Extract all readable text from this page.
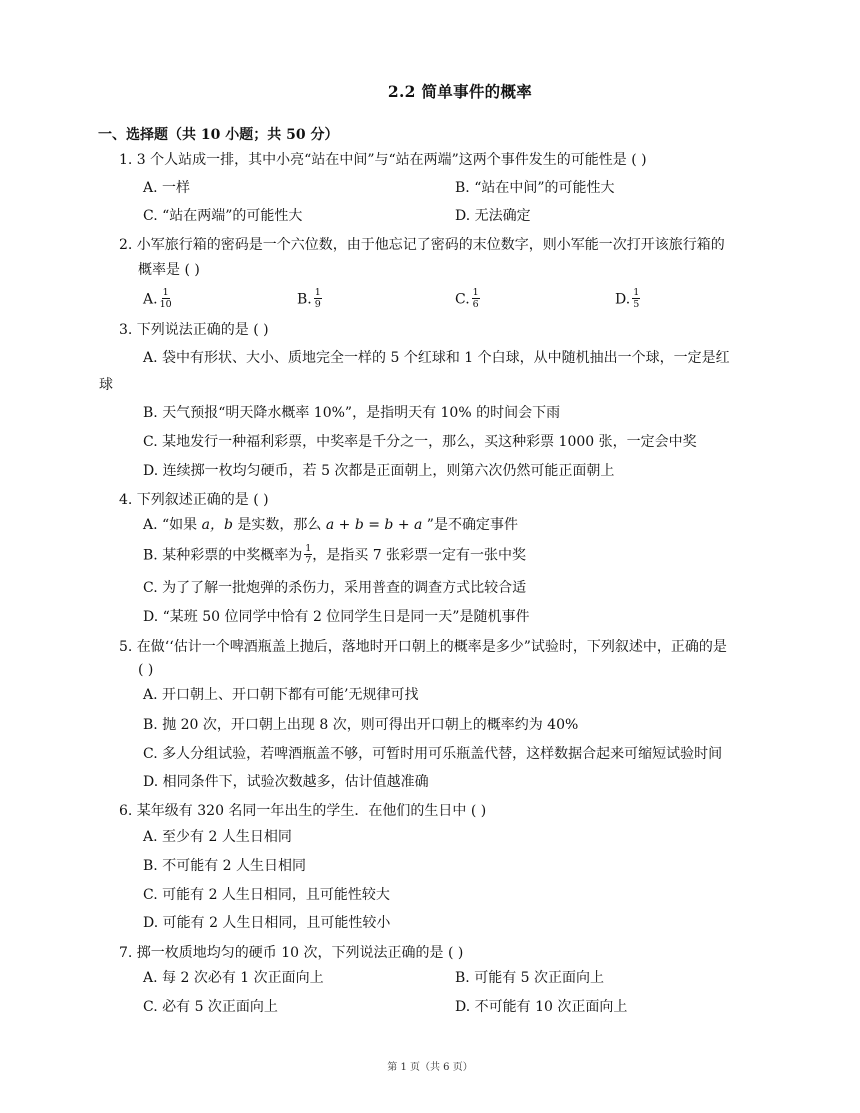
2.2 简单事件的概率
一、选择题（共 10 小题；共 50 分）
1. 3 个人站成一排，其中小亮“站在中间”与“站在两端”这两个事件发生的可能性是 ( )
A. 一样	B. “站在中间”的可能性大
C. “站在两端”的可能性大	D. 无法确定
2. 小军旅行箱的密码是一个六位数，由于他忘记了密码的末位数字，则小军能一次打开该旅行箱的
概率是 ( )
A. $\frac{1}{10}$	B. $\frac{1}{9}$	C. $\frac{1}{6}$	D. $\frac{1}{5}$
3. 下列说法正确的是 ( )
A. 袋中有形状、大小、质地完全一样的 5 个红球和 1 个白球，从中随机抽出一个球，一定是红
球
B. 天气预报“明天降水概率 10%”，是指明天有 10% 的时间会下雨
C. 某地发行一种福利彩票，中奖率是千分之一，那么，买这种彩票 1000 张，一定会中奖
D. 连续掷一枚均匀硬币，若 5 次都是正面朝上，则第六次仍然可能正面朝上
4. 下列叙述正确的是 ( )
A. “如果 a，b 是实数，那么 a + b = b + a ”是不确定事件
B. 某种彩票的中奖概率为 $\frac{1}{7}$ ，是指买 7 张彩票一定有一张中奖
C. 为了了解一批炮弹的杀伤力，采用普查的调查方式比较合适
D. “某班 50 位同学中恰有 2 位同学生日是同一天”是随机事件
5. 在做‘‘估计一个啤酒瓶盖上抛后，落地时开口朝上的概率是多少”试验时，下列叙述中，正确的是
( )
A. 开口朝上、开口朝下都有可能’无规律可找
B. 抛 20 次，开口朝上出现 8 次，则可得出开口朝上的概率约为 40%
C. 多人分组试验，若啤酒瓶盖不够，可暂时用可乐瓶盖代替，这样数据合起来可缩短试验时间
D. 相同条件下，试验次数越多，估计值越准确
6. 某年级有 320 名同一年出生的学生．在他们的生日中 ( )
A. 至少有 2 人生日相同
B. 不可能有 2 人生日相同
C. 可能有 2 人生日相同，且可能性较大
D. 可能有 2 人生日相同，且可能性较小
7. 掷一枚质地均匀的硬币 10 次，下列说法正确的是 ( )
A. 每 2 次必有 1 次正面向上	B. 可能有 5 次正面向上
C. 必有 5 次正面向上	D. 不可能有 10 次正面向上
第 1 页（共 6 页）
